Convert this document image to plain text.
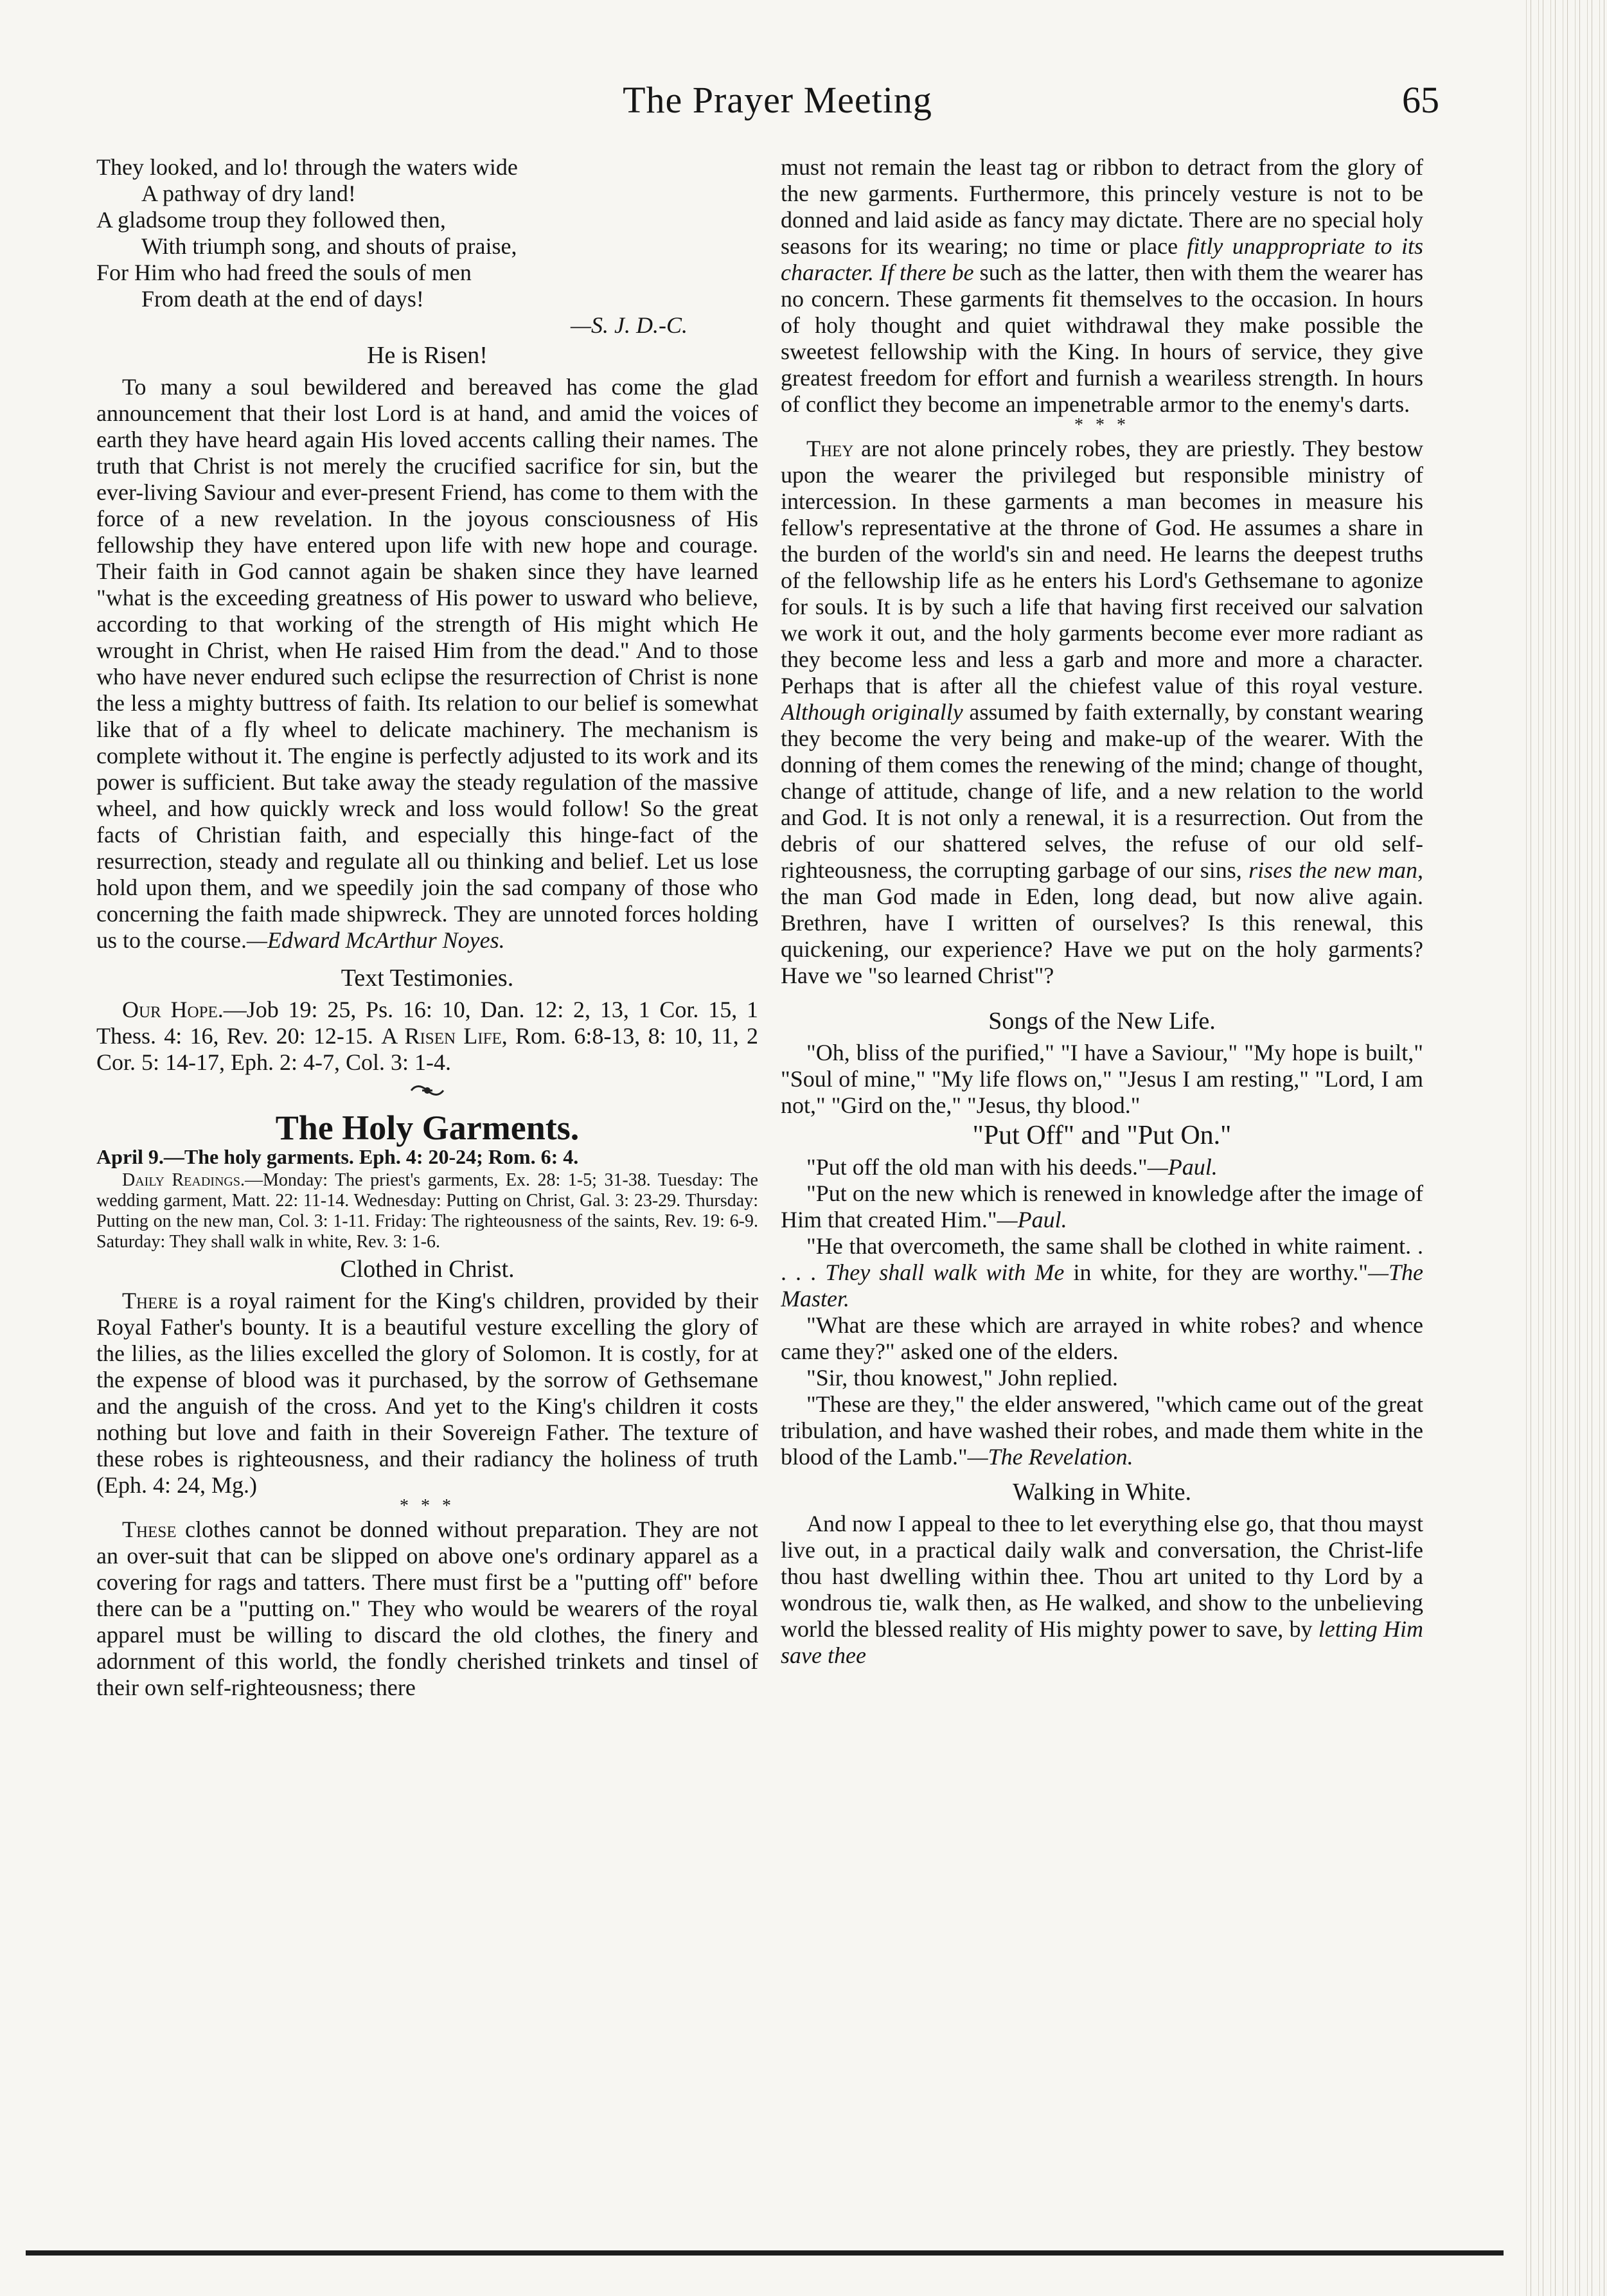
The Prayer Meeting	65

They looked, and lo! through the waters wide

A pathway of dry land!

A gladsome troup they followed then,

With triumph song, and shouts of praise,

For Him who had freed the souls of men

From death at the end of days!

—S. J. D.-C.

He is Risen!

To many a soul bewildered and bereaved has come the glad announcement that their lost Lord is at hand, and amid the voices of earth they have heard again His loved accents calling their names. The truth that Christ is not merely the crucified sacrifice for sin, but the ever-living Saviour and ever-present Friend, has come to them with the force of a new revelation. In the joyous consciousness of His fellowship they have entered upon life with new hope and courage. Their faith in God cannot again be shaken since they have learned "what is the exceeding greatness of His power to usward who believe, according to that working of the strength of His might which He wrought in Christ, when He raised Him from the dead." And to those who have never endured such eclipse the resurrection of Christ is none the less a mighty buttress of faith. Its relation to our belief is somewhat like that of a fly wheel to delicate machinery. The mechanism is complete without it. The engine is perfectly adjusted to its work and its power is sufficient. But take away the steady regulation of the massive wheel, and how quickly wreck and loss would follow! So the great facts of Christian faith, and especially this hinge-fact of the resurrection, steady and regulate all ou thinking and belief. Let us lose hold upon them, and we speedily join the sad company of those who concerning the faith made shipwreck. They are unnoted forces holding us to the course.—Edward McArthur Noyes.

Text Testimonies.

Our Hope.—Job 19: 25, Ps. 16: 10, Dan. 12: 2, 13, 1 Cor. 15, 1 Thess. 4: 16, Rev. 20: 12-15. A Risen Life, Rom. 6:8-13, 8: 10, 11, 2 Cor. 5: 14-17, Eph. 2: 4-7, Col. 3: 1-4.

The Holy Garments.

April 9.—The holy garments. Eph. 4: 20-24; Rom. 6: 4.

Daily Readings.—Monday: The priest's garments, Ex. 28: 1-5; 31-38. Tuesday: The wedding garment, Matt. 22: 11-14. Wednesday: Putting on Christ, Gal. 3: 23-29. Thursday: Putting on the new man, Col. 3: 1-11. Friday: The righteousness of the saints, Rev. 19: 6-9. Saturday: They shall walk in white, Rev. 3: 1-6.

Clothed in Christ.

There is a royal raiment for the King's children, provided by their Royal Father's bounty. It is a beautiful vesture excelling the glory of the lilies, as the lilies excelled the glory of Solomon. It is costly, for at the expense of blood was it purchased, by the sorrow of Gethsemane and the anguish of the cross. And yet to the King's children it costs nothing but love and faith in their Sovereign Father. The texture of these robes is righteousness, and their radiancy the holiness of truth (Eph. 4: 24, Mg.)

* * *

These clothes cannot be donned without preparation. They are not an over-suit that can be slipped on above one's ordinary apparel as a covering for rags and tatters. There must first be a "putting off" before there can be a "putting on." They who would be wearers of the royal apparel must be willing to discard the old clothes, the finery and adornment of this world, the fondly cherished trinkets and tinsel of their own self-righteousness; there

must not remain the least tag or ribbon to detract from the glory of the new garments. Furthermore, this princely vesture is not to be donned and laid aside as fancy may dictate. There are no special holy seasons for its wearing; no time or place fitly unappropriate to its character. If there be such as the latter, then with them the wearer has no concern. These garments fit themselves to the occasion. In hours of holy thought and quiet withdrawal they make possible the sweetest fellowship with the King. In hours of service, they give greatest freedom for effort and furnish a weariless strength. In hours of conflict they become an impenetrable armor to the enemy's darts.

* * *

They are not alone princely robes, they are priestly. They bestow upon the wearer the privileged but responsible ministry of intercession. In these garments a man becomes in measure his fellow's representative at the throne of God. He assumes a share in the burden of the world's sin and need. He learns the deepest truths of the fellowship life as he enters his Lord's Gethsemane to agonize for souls. It is by such a life that having first received our salvation we work it out, and the holy garments become ever more radiant as they become less and less a garb and more and more a character. Perhaps that is after all the chiefest value of this royal vesture. Although originally assumed by faith externally, by constant wearing they become the very being and make-up of the wearer. With the donning of them comes the renewing of the mind; change of thought, change of attitude, change of life, and a new relation to the world and God. It is not only a renewal, it is a resurrection. Out from the debris of our shattered selves, the refuse of our old self-righteousness, the corrupting garbage of our sins, rises the new man, the man God made in Eden, long dead, but now alive again. Brethren, have I written of ourselves? Is this renewal, this quickening, our experience? Have we put on the holy garments? Have we "so learned Christ"?

Songs of the New Life.

"Oh, bliss of the purified," "I have a Saviour," "My hope is built," "Soul of mine," "My life flows on," "Jesus I am resting," "Lord, I am not," "Gird on the," "Jesus, thy blood."

"Put Off" and "Put On."

"Put off the old man with his deeds."—Paul.

"Put on the new which is renewed in knowledge after the image of Him that created Him."—Paul.

"He that overcometh, the same shall be clothed in white raiment. . . . . They shall walk with Me in white, for they are worthy."—The Master.

"What are these which are arrayed in white robes? and whence came they?" asked one of the elders.

"Sir, thou knowest," John replied.

"These are they," the elder answered, "which came out of the great tribulation, and have washed their robes, and made them white in the blood of the Lamb."—The Revelation.

Walking in White.

And now I appeal to thee to let everything else go, that thou mayst live out, in a practical daily walk and conversation, the Christ-life thou hast dwelling within thee. Thou art united to thy Lord by a wondrous tie, walk then, as He walked, and show to the unbelieving world the blessed reality of His mighty power to save, by letting Him save thee
